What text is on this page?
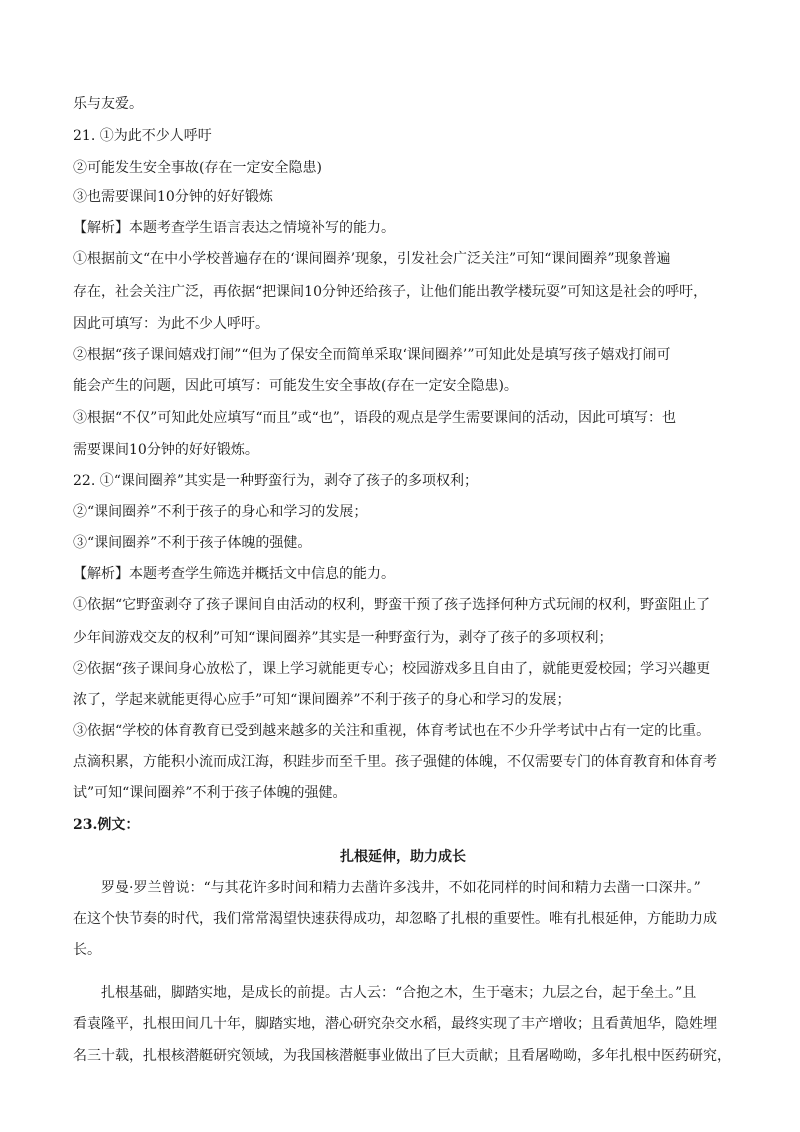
乐与友爱。
21. ①为此不少人呼吁
②可能发生安全事故(存在一定安全隐患)
③也需要课间10分钟的好好锻炼
【解析】本题考查学生语言表达之情境补写的能力。
①根据前文“在中小学校普遍存在的‘课间圈养’现象，引发社会广泛关注”可知“课间圈养”现象普遍
存在，社会关注广泛，再依据“把课间10分钟还给孩子，让他们能出教学楼玩耍”可知这是社会的呼吁，
因此可填写：为此不少人呼吁。
②根据“孩子课间嬉戏打闹”“但为了保安全而简单采取‘课间圈养’”可知此处是填写孩子嬉戏打闹可
能会产生的问题，因此可填写：可能发生安全事故(存在一定安全隐患)。
③根据“不仅”可知此处应填写“而且”或“也”，语段的观点是学生需要课间的活动，因此可填写：也
需要课间10分钟的好好锻炼。
22. ①“课间圈养”其实是一种野蛮行为，剥夺了孩子的多项权利；
②“课间圈养”不利于孩子的身心和学习的发展；
③“课间圈养”不利于孩子体魄的强健。
【解析】本题考查学生筛选并概括文中信息的能力。
①依据“它野蛮剥夺了孩子课间自由活动的权利，野蛮干预了孩子选择何种方式玩闹的权利，野蛮阻止了
少年间游戏交友的权利”可知“课间圈养”其实是一种野蛮行为，剥夺了孩子的多项权利；
②依据“孩子课间身心放松了，课上学习就能更专心；校园游戏多且自由了，就能更爱校园；学习兴趣更
浓了，学起来就能更得心应手”可知“课间圈养”不利于孩子的身心和学习的发展；
③依据“学校的体育教育已受到越来越多的关注和重视，体育考试也在不少升学考试中占有一定的比重。
点滴积累，方能积小流而成江海，积跬步而至千里。孩子强健的体魄，不仅需要专门的体育教育和体育考
试”可知“课间圈养”不利于孩子体魄的强健。
23.例文：
扎根延伸，助力成长
罗曼·罗兰曾说：“与其花许多时间和精力去凿许多浅井，不如花同样的时间和精力去凿一口深井。”
在这个快节奏的时代，我们常常渴望快速获得成功，却忽略了扎根的重要性。唯有扎根延伸，方能助力成
长。
扎根基础，脚踏实地，是成长的前提。古人云：“合抱之木，生于毫末；九层之台，起于垒土。”且
看袁隆平，扎根田间几十年，脚踏实地，潜心研究杂交水稻，最终实现了丰产增收；且看黄旭华，隐姓埋
名三十载，扎根核潜艇研究领域，为我国核潜艇事业做出了巨大贡献；且看屠呦呦，多年扎根中医药研究，
